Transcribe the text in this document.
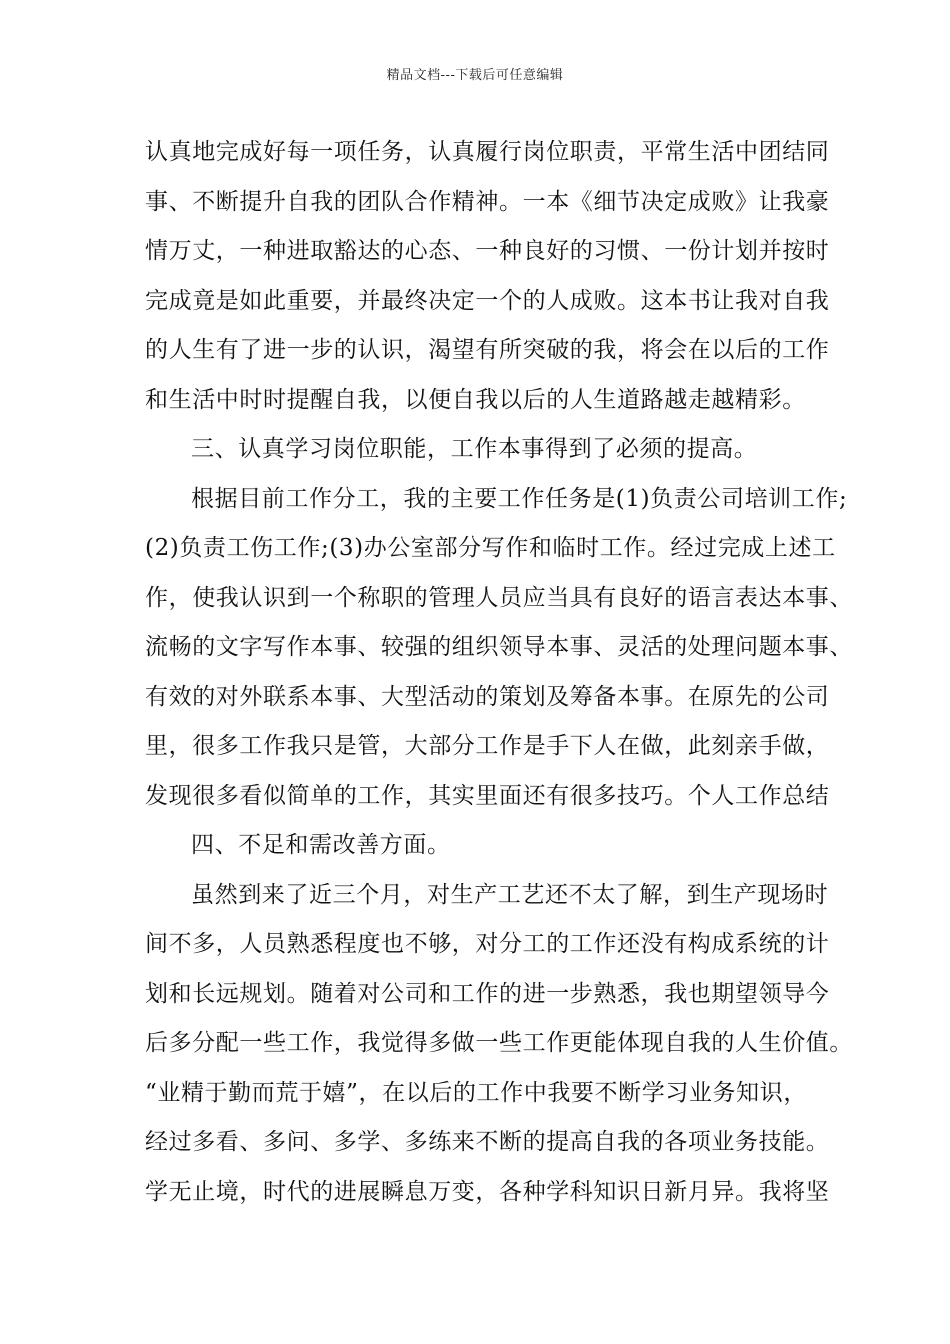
精品文档---下载后可任意编辑
认真地完成好每一项任务，认真履行岗位职责，平常生活中团结同
事、不断提升自我的团队合作精神。一本《细节决定成败》让我豪
情万丈，一种进取豁达的心态、一种良好的习惯、一份计划并按时
完成竟是如此重要，并最终决定一个的人成败。这本书让我对自我
的人生有了进一步的认识，渴望有所突破的我，将会在以后的工作
和生活中时时提醒自我，以便自我以后的人生道路越走越精彩。
三、认真学习岗位职能，工作本事得到了必须的提高。
根据目前工作分工，我的主要工作任务是(1)负责公司培训工作;
(2)负责工伤工作;(3)办公室部分写作和临时工作。经过完成上述工
作，使我认识到一个称职的管理人员应当具有良好的语言表达本事、
流畅的文字写作本事、较强的组织领导本事、灵活的处理问题本事、
有效的对外联系本事、大型活动的策划及筹备本事。在原先的公司
里，很多工作我只是管，大部分工作是手下人在做，此刻亲手做，
发现很多看似简单的工作，其实里面还有很多技巧。个人工作总结
四、不足和需改善方面。
虽然到来了近三个月，对生产工艺还不太了解，到生产现场时
间不多，人员熟悉程度也不够，对分工的工作还没有构成系统的计
划和长远规划。随着对公司和工作的进一步熟悉，我也期望领导今
后多分配一些工作，我觉得多做一些工作更能体现自我的人生价值。
“业精于勤而荒于嬉”，在以后的工作中我要不断学习业务知识，
经过多看、多问、多学、多练来不断的提高自我的各项业务技能。
学无止境，时代的进展瞬息万变，各种学科知识日新月异。我将坚
